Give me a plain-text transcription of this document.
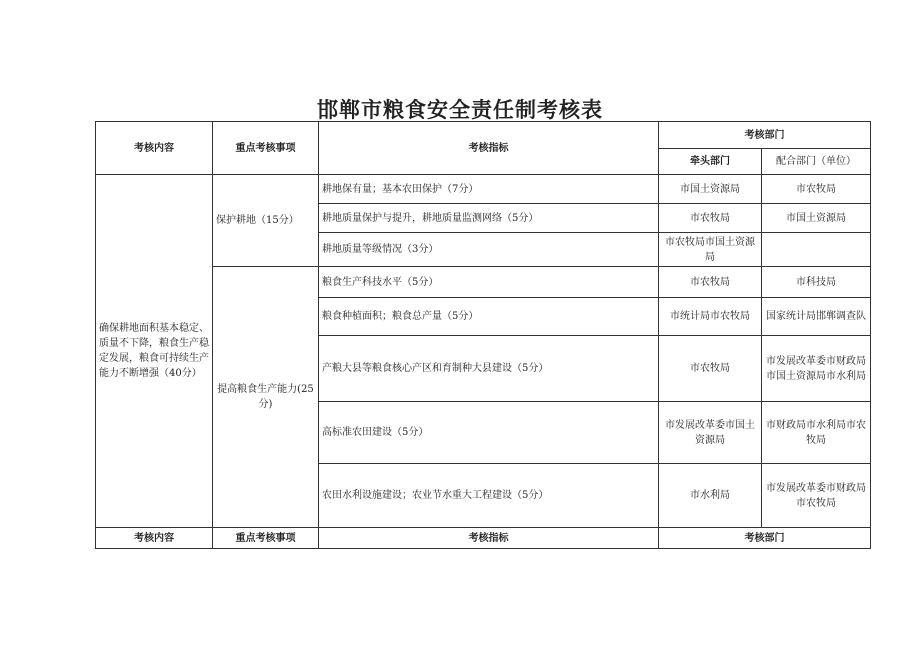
邯郸市粮食安全责任制考核表
考核内容	重点考核事项	考核指标	考核部门	
			牵头部门	配合部门（单位）
确保耕地面积基本稳定、质量不下降，粮食生产稳定发展，粮食可持续生产能力不断增强（40分）	保护耕地（15分）	耕地保有量；基本农田保护（7分）	市国土资源局	市农牧局
		耕地质量保护与提升，耕地质量监测网络（5分）	市农牧局	市国土资源局
		耕地质量等级情况（3分）	市农牧局市国土资源局	
	提高粮食生产能力(25分)	粮食生产科技水平（5分）	市农牧局	市科技局
		粮食种植面积；粮食总产量（5分）	市统计局市农牧局	国家统计局邯郸调查队
		产粮大县等粮食核心产区和育制种大县建设（5分）	市农牧局	市发展改革委市财政局市国土资源局市水利局
		高标准农田建设（5分）	市发展改革委市国土资源局	市财政局市水利局市农牧局
		农田水利设施建设；农业节水重大工程建设（5分）	市水利局	市发展改革委市财政局市农牧局
考核内容	重点考核事项	考核指标	考核部门	
